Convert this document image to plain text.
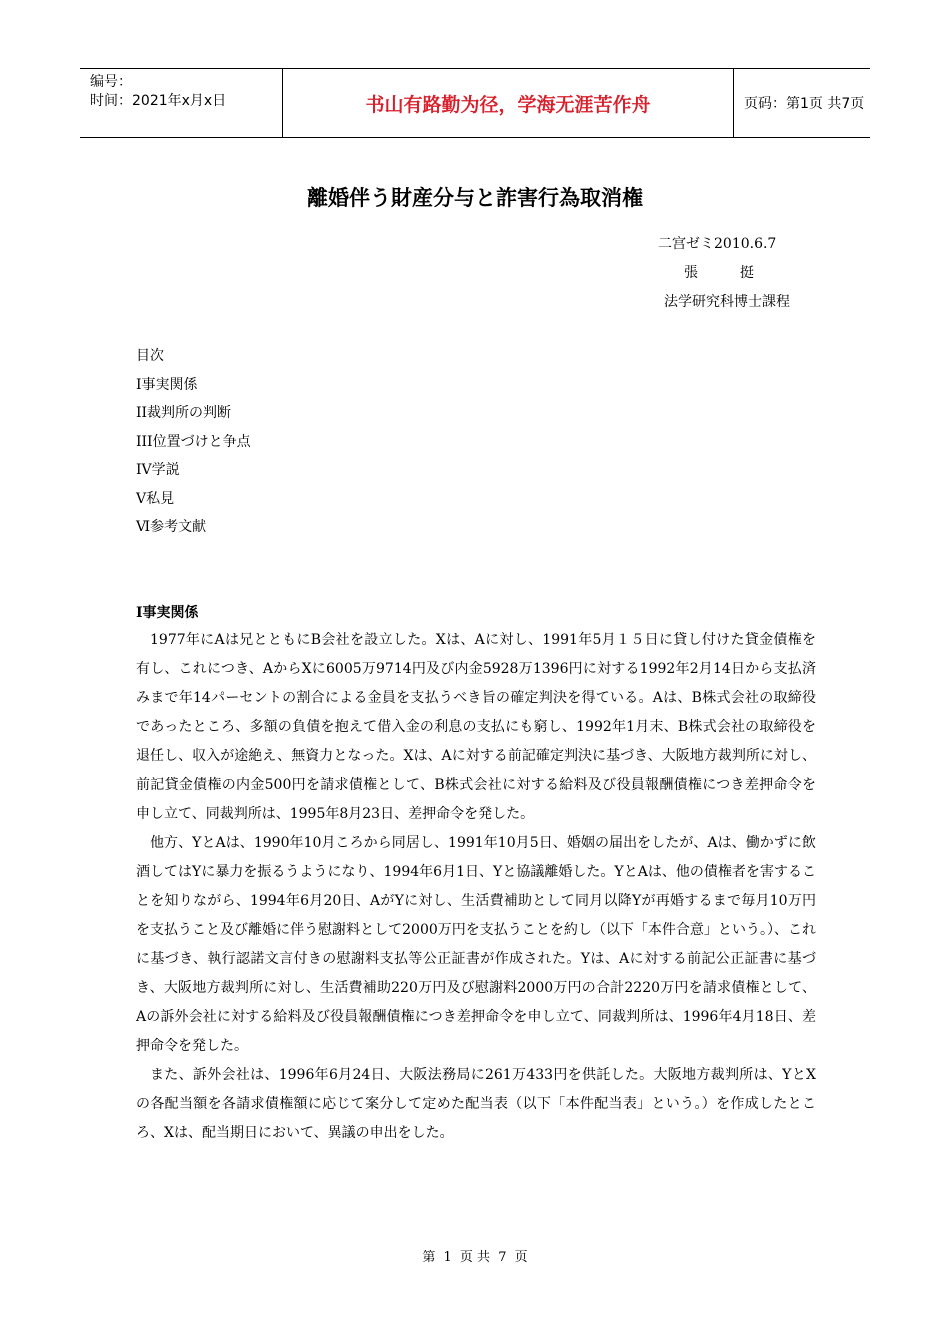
编号：
时间：2021年x月x日	书山有路勤为径，学海无涯苦作舟	页码：第1页 共7页
離婚伴う財産分与と詐害行為取消権
二宫ゼミ2010.6.7
張　　　挺
法学研究科博士課程
目次
I事実関係
II裁判所の判断
III位置づけと争点
IV学説
Ⅴ私見
Ⅵ参考文献
I事実関係

1977年にAは兄とともにB会社を設立した。Xは、Aに対し、1991年5月１５日に貸し付けた貸金債権を有し、これにつき、AからXに6005万9714円及び内金5928万1396円に対する1992年2月14日から支払済みまで年14パーセントの割合による金員を支払うべき旨の確定判決を得ている。Aは、B株式会社の取締役であったところ、多額の負債を抱えて借入金の利息の支払にも窮し、1992年1月末、B株式会社の取締役を退任し、収入が途絶え、無資力となった。Xは、Aに対する前記確定判決に基づき、大阪地方裁判所に対し、前記貸金債権の内金500円を請求債権として、B株式会社に対する給料及び役員報酬債権につき差押命令を申し立て、同裁判所は、1995年8月23日、差押命令を発した。

他方、YとAは、1990年10月ころから同居し、1991年10月5日、婚姻の届出をしたが、Aは、働かずに飲酒してはYに暴力を振るうようになり、1994年6月1日、Yと協議離婚した。YとAは、他の債権者を害することを知りながら、1994年6月20日、AがYに対し、生活費補助として同月以降Yが再婚するまで毎月10万円を支払うこと及び離婚に伴う慰謝料として2000万円を支払うことを約し（以下「本件合意」という。）、これに基づき、執行認諾文言付きの慰謝料支払等公正証書が作成された。Yは、Aに対する前記公正証書に基づき、大阪地方裁判所に対し、生活費補助220万円及び慰謝料2000万円の合計2220万円を請求債権として、Aの訴外会社に対する給料及び役員報酬債権につき差押命令を申し立て、同裁判所は、1996年4月18日、差押命令を発した。

また、訴外会社は、1996年6月24日、大阪法務局に261万433円を供託した。大阪地方裁判所は、YとXの各配当額を各請求債権額に応じて案分して定めた配当表（以下「本件配当表」という。）を作成したところ、Xは、配当期日において、異議の申出をした。

第 1 页 共 7 页
